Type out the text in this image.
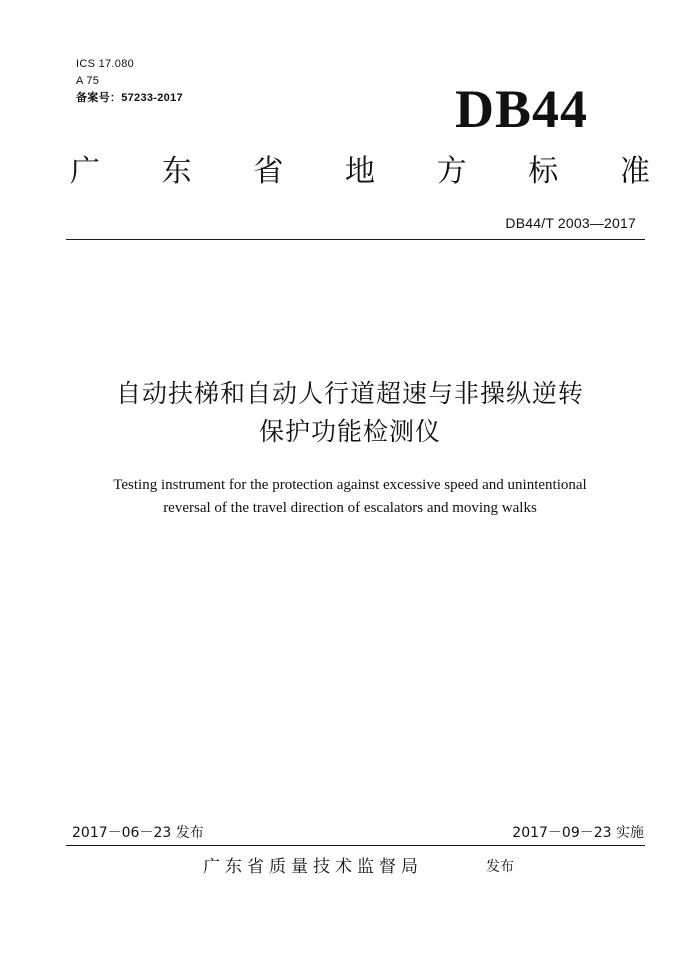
ICS 17.080
A 75
备案号：57233-2017	DB44
广 东 省 地 方 标 准
DB44/T 2003—2017
自动扶梯和自动人行道超速与非操纵逆转
保护功能检测仪
Testing instrument for the protection against excessive speed and unintentional
reversal of the travel direction of escalators and moving walks
2017－06－23 发布	2017－09－23 实施
广东省质量技术监督局	发布
